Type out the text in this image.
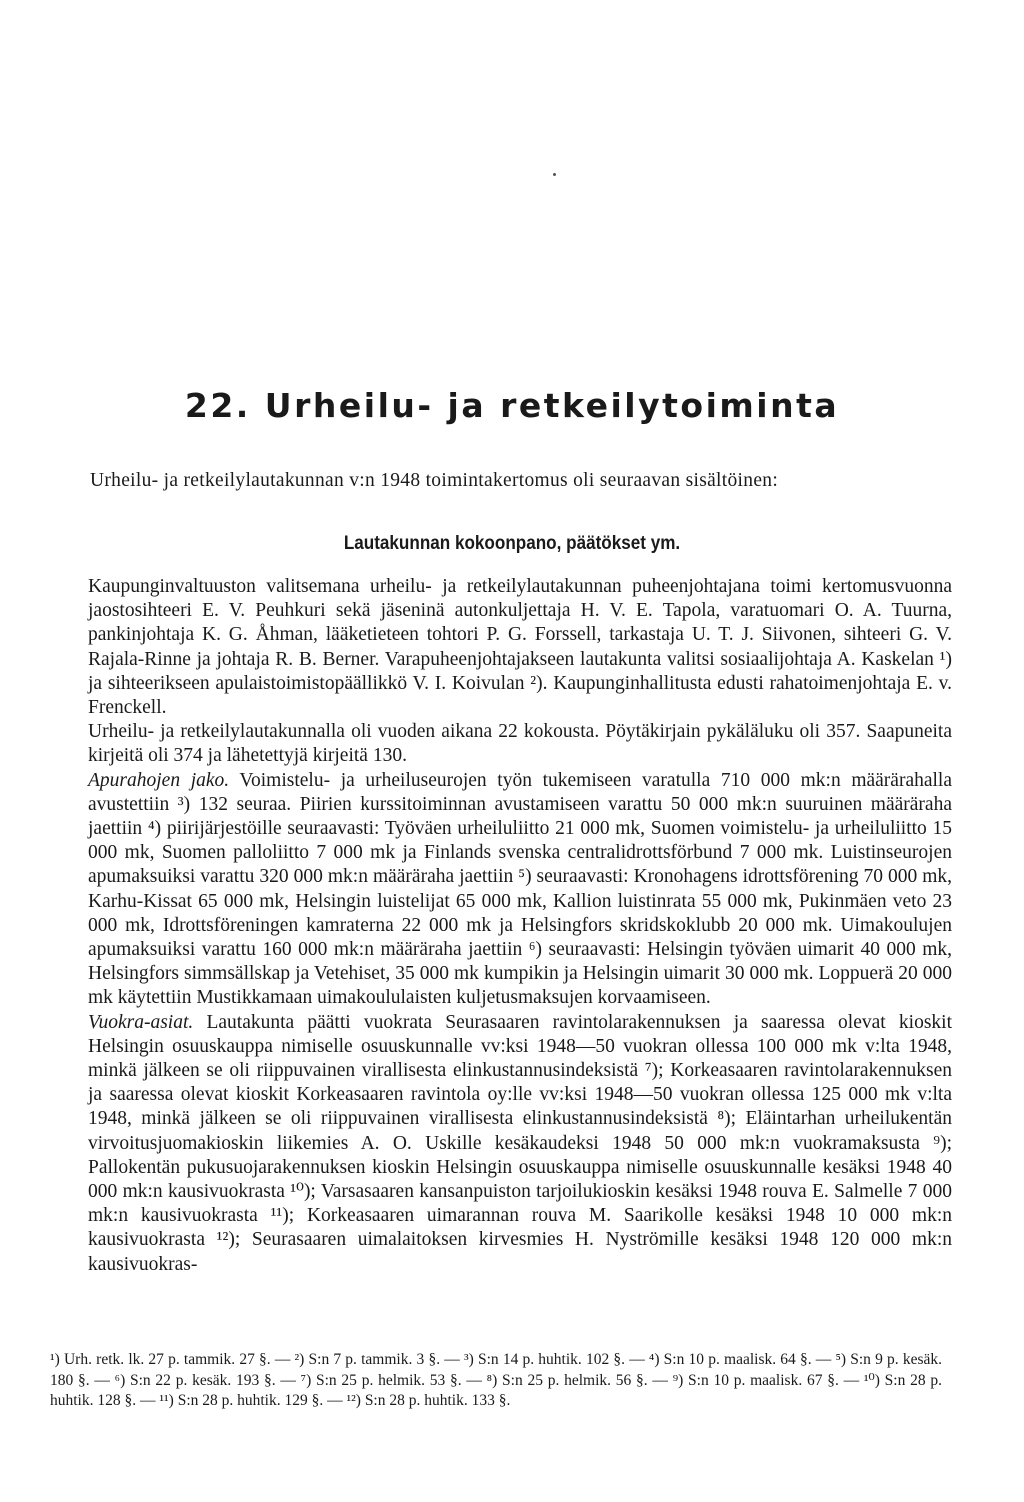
22. Urheilu- ja retkeilytoiminta

Urheilu- ja retkeilylautakunnan v:n 1948 toimintakertomus oli seuraavan sisältöinen:

Lautakunnan kokoonpano, päätökset ym.

Kaupunginvaltuuston valitsemana urheilu- ja retkeilylautakunnan puheenjohtajana toimi kertomusvuonna jaostosihteeri E. V. Peuhkuri sekä jäseninä autonkuljettaja H. V. E. Tapola, varatuomari O. A. Tuurna, pankinjohtaja K. G. Åhman, lääketieteen tohtori P. G. Forssell, tarkastaja U. T. J. Siivonen, sihteeri G. V. Rajala-Rinne ja johtaja R. B. Berner. Varapuheenjohtajakseen lautakunta valitsi sosiaalijohtaja A. Kaskelan ¹) ja sihteerikseen apulaistoimistopäällikkö V. I. Koivulan ²). Kaupunginhallitusta edusti rahatoimenjohtaja E. v. Frenckell.

Urheilu- ja retkeilylautakunnalla oli vuoden aikana 22 kokousta. Pöytäkirjain pykäläluku oli 357. Saapuneita kirjeitä oli 374 ja lähetettyjä kirjeitä 130.

Apurahojen jako. Voimistelu- ja urheiluseurojen työn tukemiseen varatulla 710 000 mk:n määrärahalla avustettiin ³) 132 seuraa. Piirien kurssitoiminnan avustamiseen varattu 50 000 mk:n suuruinen määräraha jaettiin ⁴) piirijärjestöille seuraavasti: Työväen urheiluliitto 21 000 mk, Suomen voimistelu- ja urheiluliitto 15 000 mk, Suomen palloliitto 7 000 mk ja Finlands svenska centralidrottsförbund 7 000 mk. Luistinseurojen apumaksuiksi varattu 320 000 mk:n määräraha jaettiin ⁵) seuraavasti: Kronohagens idrottsförening 70 000 mk, Karhu-Kissat 65 000 mk, Helsingin luistelijat 65 000 mk, Kallion luistinrata 55 000 mk, Pukinmäen veto 23 000 mk, Idrottsföreningen kamraterna 22 000 mk ja Helsingfors skridskoklubb 20 000 mk. Uimakoulujen apumaksuiksi varattu 160 000 mk:n määräraha jaettiin ⁶) seuraavasti: Helsingin työväen uimarit 40 000 mk, Helsingfors simmsällskap ja Vetehiset, 35 000 mk kumpikin ja Helsingin uimarit 30 000 mk. Loppuerä 20 000 mk käytettiin Mustikkamaan uimakoululaisten kuljetusmaksujen korvaamiseen.

Vuokra-asiat. Lautakunta päätti vuokrata Seurasaaren ravintolarakennuksen ja saaressa olevat kioskit Helsingin osuuskauppa nimiselle osuuskunnalle vv:ksi 1948—50 vuokran ollessa 100 000 mk v:lta 1948, minkä jälkeen se oli riippuvainen virallisesta elinkustannusindeksistä ⁷); Korkeasaaren ravintolarakennuksen ja saaressa olevat kioskit Korkeasaaren ravintola oy:lle vv:ksi 1948—50 vuokran ollessa 125 000 mk v:lta 1948, minkä jälkeen se oli riippuvainen virallisesta elinkustannusindeksistä ⁸); Eläintarhan urheilukentän virvoitusjuomakioskin liikemies A. O. Uskille kesäkaudeksi 1948 50 000 mk:n vuokramaksusta ⁹); Pallokentän pukusuojarakennuksen kioskin Helsingin osuuskauppa nimiselle osuuskunnalle kesäksi 1948 40 000 mk:n kausivuokrasta ¹⁰); Varsasaaren kansanpuiston tarjoilukioskin kesäksi 1948 rouva E. Salmelle 7 000 mk:n kausivuokrasta ¹¹); Korkeasaaren uimarannan rouva M. Saarikolle kesäksi 1948 10 000 mk:n kausivuokrasta ¹²); Seurasaaren uimalaitoksen kirvesmies H. Nyströmille kesäksi 1948 120 000 mk:n kausivuokras-

¹) Urh. retk. lk. 27 p. tammik. 27 §. — ²) S:n 7 p. tammik. 3 §. — ³) S:n 14 p. huhtik. 102 §. — ⁴) S:n 10 p. maalisk. 64 §. — ⁵) S:n 9 p. kesäk. 180 §. — ⁶) S:n 22 p. kesäk. 193 §. — ⁷) S:n 25 p. helmik. 53 §. — ⁸) S:n 25 p. helmik. 56 §. — ⁹) S:n 10 p. maalisk. 67 §. — ¹⁰) S:n 28 p. huhtik. 128 §. — ¹¹) S:n 28 p. huhtik. 129 §. — ¹²) S:n 28 p. huhtik. 133 §.
